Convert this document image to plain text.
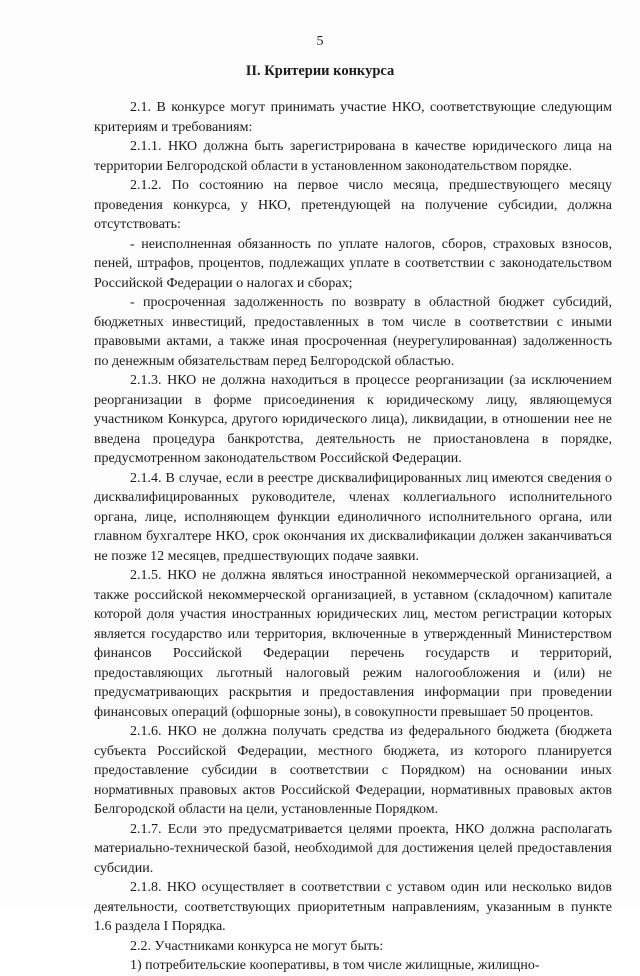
5
II. Критерии конкурса

2.1. В конкурсе могут принимать участие НКО, соответствующие следующим критериям и требованиям:

2.1.1. НКО должна быть зарегистрирована в качестве юридического лица на территории Белгородской области в установленном законодательством порядке.

2.1.2. По состоянию на первое число месяца, предшествующего месяцу проведения конкурса, у НКО, претендующей на получение субсидии, должна отсутствовать:

- неисполненная обязанность по уплате налогов, сборов, страховых взносов, пеней, штрафов, процентов, подлежащих уплате в соответствии с законодательством Российской Федерации о налогах и сборах;

- просроченная задолженность по возврату в областной бюджет субсидий, бюджетных инвестиций, предоставленных в том числе в соответствии с иными правовыми актами, а также иная просроченная (неурегулированная) задолженность по денежным обязательствам перед Белгородской областью.

2.1.3. НКО не должна находиться в процессе реорганизации (за исключением реорганизации в форме присоединения к юридическому лицу, являющемуся участником Конкурса, другого юридического лица), ликвидации, в отношении нее не введена процедура банкротства, деятельность не приостановлена в порядке, предусмотренном законодательством Российской Федерации.

2.1.4. В случае, если в реестре дисквалифицированных лиц имеются сведения о дисквалифицированных руководителе, членах коллегиального исполнительного органа, лице, исполняющем функции единоличного исполнительного органа, или главном бухгалтере НКО, срок окончания их дисквалификации должен заканчиваться не позже 12 месяцев, предшествующих подаче заявки.

2.1.5. НКО не должна являться иностранной некоммерческой организацией, а также российской некоммерческой организацией, в уставном (складочном) капитале которой доля участия иностранных юридических лиц, местом регистрации которых является государство или территория, включенные в утвержденный Министерством финансов Российской Федерации перечень государств и территорий, предоставляющих льготный налоговый режим налогообложения и (или) не предусматривающих раскрытия и предоставления информации при проведении финансовых операций (офшорные зоны), в совокупности превышает 50 процентов.

2.1.6. НКО не должна получать средства из федерального бюджета (бюджета субъекта Российской Федерации, местного бюджета, из которого планируется предоставление субсидии в соответствии с Порядком) на основании иных нормативных правовых актов Российской Федерации, нормативных правовых актов Белгородской области на цели, установленные Порядком.

2.1.7. Если это предусматривается целями проекта, НКО должна располагать материально-технической базой, необходимой для достижения целей предоставления субсидии.

2.1.8. НКО осуществляет в соответствии с уставом один или несколько видов деятельности, соответствующих приоритетным направлениям, указанным в пункте 1.6 раздела I Порядка.

2.2. Участниками конкурса не могут быть:

1) потребительские кооперативы, в том числе жилищные, жилищно-
